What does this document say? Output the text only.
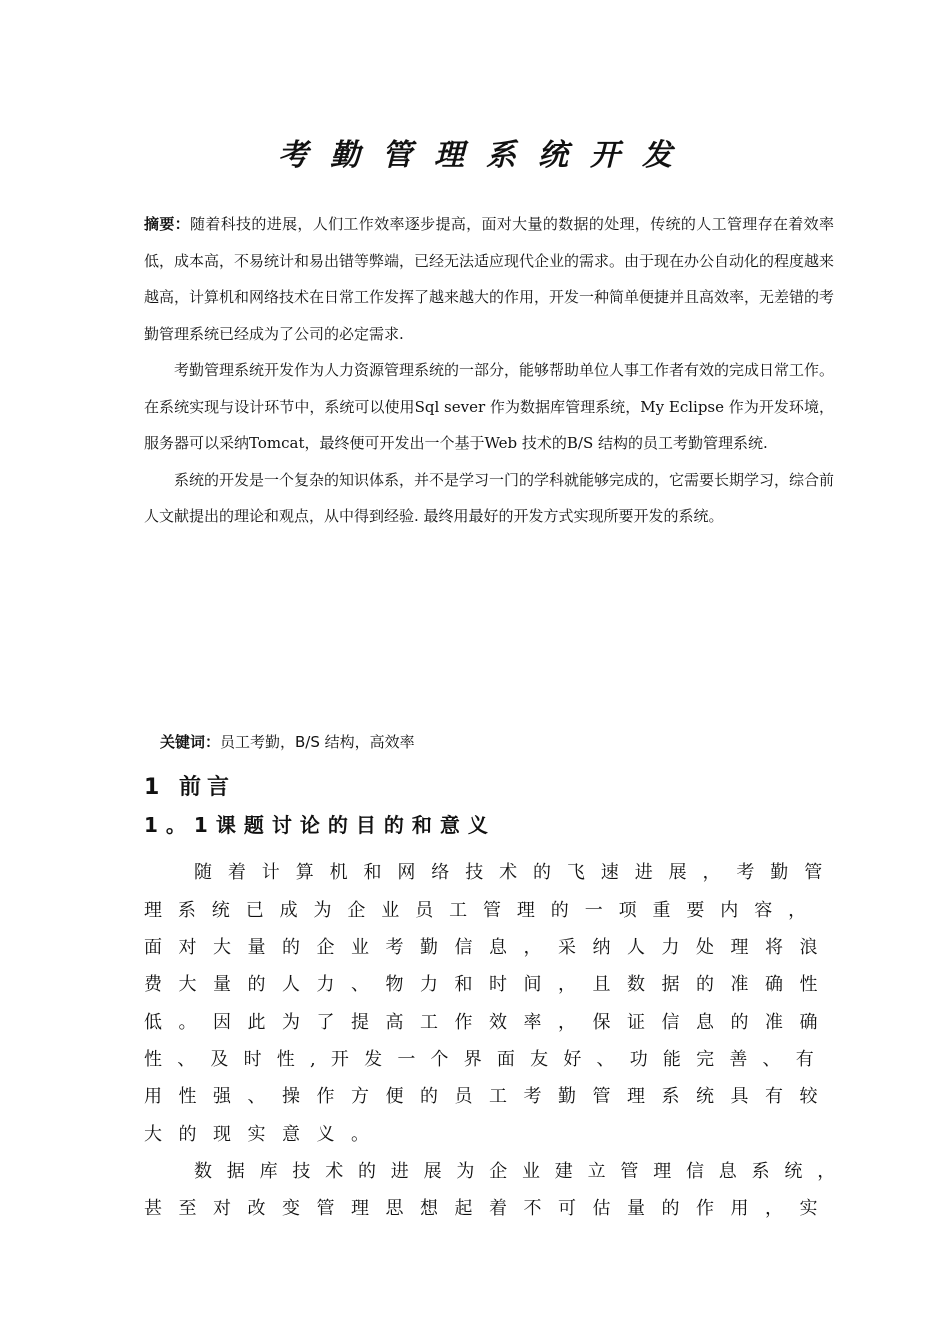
考勤管理系统开发

摘要：随着科技的进展，人们工作效率逐步提高，面对大量的数据的处理，传统的人工管理存在着效率低，成本高，不易统计和易出错等弊端，已经无法适应现代企业的需求。由于现在办公自动化的程度越来越高，计算机和网络技术在日常工作发挥了越来越大的作用，开发一种简单便捷并且高效率，无差错的考勤管理系统已经成为了公司的必定需求.

考勤管理系统开发作为人力资源管理系统的一部分，能够帮助单位人事工作者有效的完成日常工作。在系统实现与设计环节中，系统可以使用Sql sever 作为数据库管理系统，My Eclipse 作为开发环境，服务器可以采纳Tomcat，最终便可开发出一个基于Web 技术的B/S 结构的员工考勤管理系统.

系统的开发是一个复杂的知识体系，并不是学习一门的学科就能够完成的，它需要长期学习，综合前人文献提出的理论和观点，从中得到经验. 最终用最好的开发方式实现所要开发的系统。

关键词：员工考勤，B/S 结构，高效率
1 前言
1。1课题讨论的目的和意义
随着计算机和网络技术的飞速进展，考勤管
理系统已成为企业员工管理的一项重要内容，
面对大量的企业考勤信息，采纳人力处理将浪
费大量的人力、物力和时间，且数据的准确性
低。因此为了提高工作效率，保证信息的准确
性、及时性,开发一个界面友好、功能完善、有
用性强、操作方便的员工考勤管理系统具有较
大的现实意义。
数据库技术的进展为企业建立管理信息系统，
甚至对改变管理思想起着不可估量的作用，实
